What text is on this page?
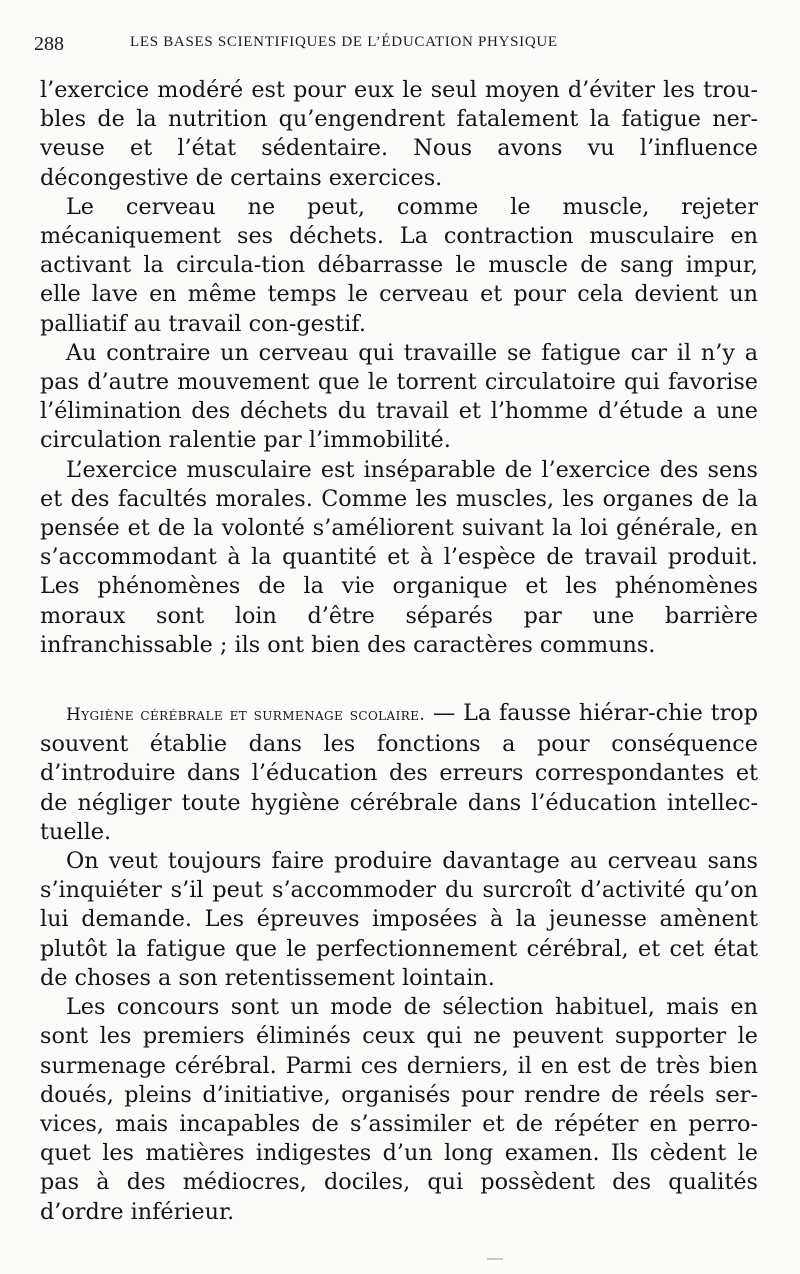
288	LES BASES SCIENTIFIQUES DE L’ÉDUCATION PHYSIQUE

l’exercice modéré est pour eux le seul moyen d’éviter les trou-bles de la nutrition qu’engendrent fatalement la fatigue ner-veuse et l’état sédentaire. Nous avons vu l’influence décongestive de certains exercices.

Le cerveau ne peut, comme le muscle, rejeter mécaniquement ses déchets. La contraction musculaire en activant la circula-tion débarrasse le muscle de sang impur, elle lave en même temps le cerveau et pour cela devient un palliatif au travail con-gestif.

Au contraire un cerveau qui travaille se fatigue car il n’y a pas d’autre mouvement que le torrent circulatoire qui favorise l’élimination des déchets du travail et l’homme d’étude a une circulation ralentie par l’immobilité.

L’exercice musculaire est inséparable de l’exercice des sens et des facultés morales. Comme les muscles, les organes de la pensée et de la volonté s’améliorent suivant la loi générale, en s’accommodant à la quantité et à l’espèce de travail produit. Les phénomènes de la vie organique et les phénomènes moraux sont loin d’être séparés par une barrière infranchissable ; ils ont bien des caractères communs.

Hygiène cérébrale et surmenage scolaire. — La fausse hiérar-chie trop souvent établie dans les fonctions a pour conséquence d’introduire dans l’éducation des erreurs correspondantes et de négliger toute hygiène cérébrale dans l’éducation intellec-tuelle.

On veut toujours faire produire davantage au cerveau sans s’inquiéter s’il peut s’accommoder du surcroît d’activité qu’on lui demande. Les épreuves imposées à la jeunesse amènent plutôt la fatigue que le perfectionnement cérébral, et cet état de choses a son retentissement lointain.

Les concours sont un mode de sélection habituel, mais en sont les premiers éliminés ceux qui ne peuvent supporter le surmenage cérébral. Parmi ces derniers, il en est de très bien doués, pleins d’initiative, organisés pour rendre de réels ser-vices, mais incapables de s’assimiler et de répéter en perro-quet les matières indigestes d’un long examen. Ils cèdent le pas à des médiocres, dociles, qui possèdent des qualités d’ordre inférieur.
